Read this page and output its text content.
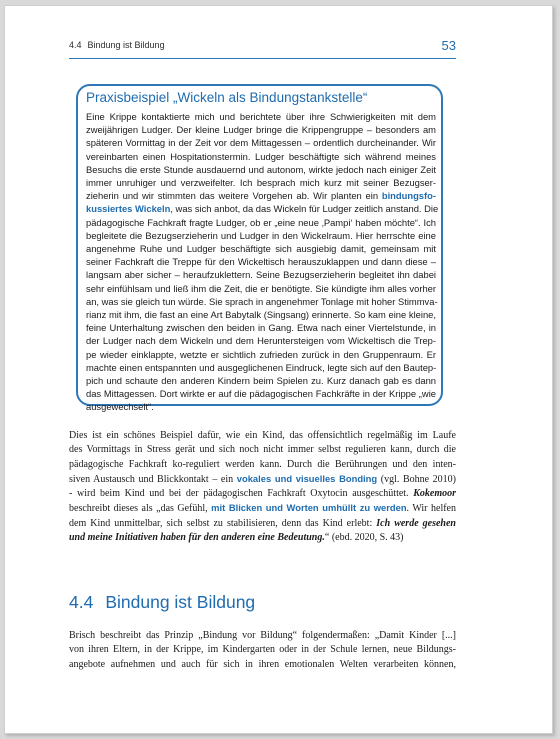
4.4 Bindung ist Bildung	53
Praxisbeispiel „Wickeln als Bindungstankstelle“
Eine Krippe kontaktierte mich und berichtete über ihre Schwierigkeiten mit dem
zweijährigen Ludger. Der kleine Ludger bringe die Krippengruppe – besonders am
späteren Vormittag in der Zeit vor dem Mittagessen – ordentlich durcheinander. Wir
vereinbarten einen Hospitationstermin. Ludger beschäftigte sich während meines
Besuchs die erste Stunde ausdauernd und autonom, wirkte jedoch nach einiger Zeit
immer unruhiger und verzweifelter. Ich besprach mich kurz mit seiner Bezugser-
zieherin und wir stimmten das weitere Vorgehen ab. Wir planten ein bindungsfo-
kussiertes Wickeln, was sich anbot, da das Wickeln für Ludger zeitlich anstand. Die
pädagogische Fachkraft fragte Ludger, ob er „eine neue ‚Pampi‘ haben möchte“. Ich
begleitete die Bezugserzieherin und Ludger in den Wickelraum. Hier herrschte eine
angenehme Ruhe und Ludger beschäftigte sich ausgiebig damit, gemeinsam mit
seiner Fachkraft die Treppe für den Wickeltisch herauszuklappen und dann diese –
langsam aber sicher – heraufzuklettern. Seine Bezugserzieherin begleitet ihn dabei
sehr einfühlsam und ließ ihm die Zeit, die er benötigte. Sie kündigte ihm alles vorher
an, was sie gleich tun würde. Sie sprach in angenehmer Tonlage mit hoher Stimmva-
rianz mit ihm, die fast an eine Art Babytalk (Singsang) erinnerte. So kam eine kleine,
feine Unterhaltung zwischen den beiden in Gang. Etwa nach einer Viertelstunde, in
der Ludger nach dem Wickeln und dem Heruntersteigen vom Wickeltisch die Trep-
pe wieder einklappte, wetzte er sichtlich zufrieden zurück in den Gruppenraum. Er
machte einen entspannten und ausgeglichenen Eindruck, legte sich auf den Bautep-
pich und schaute den anderen Kindern beim Spielen zu. Kurz danach gab es dann
das Mittagessen. Dort wirkte er auf die pädagogischen Fachkräfte in der Krippe „wie
ausgewechselt“.
Dies ist ein schönes Beispiel dafür, wie ein Kind, das offensichtlich regelmäßig im Laufe
des Vormittags in Stress gerät und sich noch nicht immer selbst regulieren kann, durch die
pädagogische Fachkraft ko-reguliert werden kann. Durch die Berührungen und den inten-
siven Austausch und Blickkontakt – ein vokales und visuelles Bonding (vgl. Bohne 2010)
- wird beim Kind und bei der pädagogischen Fachkraft Oxytocin ausgeschüttet. Kokemoor
beschreibt dieses als „das Gefühl, mit Blicken und Worten umhüllt zu werden. Wir helfen
dem Kind unmittelbar, sich selbst zu stabilisieren, denn das Kind erlebt: Ich werde gesehen
und meine Initiativen haben für den anderen eine Bedeutung.“ (ebd. 2020, S. 43)
4.4 Bindung ist Bildung
Brisch beschreibt das Prinzip „Bindung vor Bildung“ folgendermaßen: „Damit Kinder [...]
von ihren Eltern, in der Krippe, im Kindergarten oder in der Schule lernen, neue Bildungs-
angebote aufnehmen und auch für sich in ihren emotionalen Welten verarbeiten können,
